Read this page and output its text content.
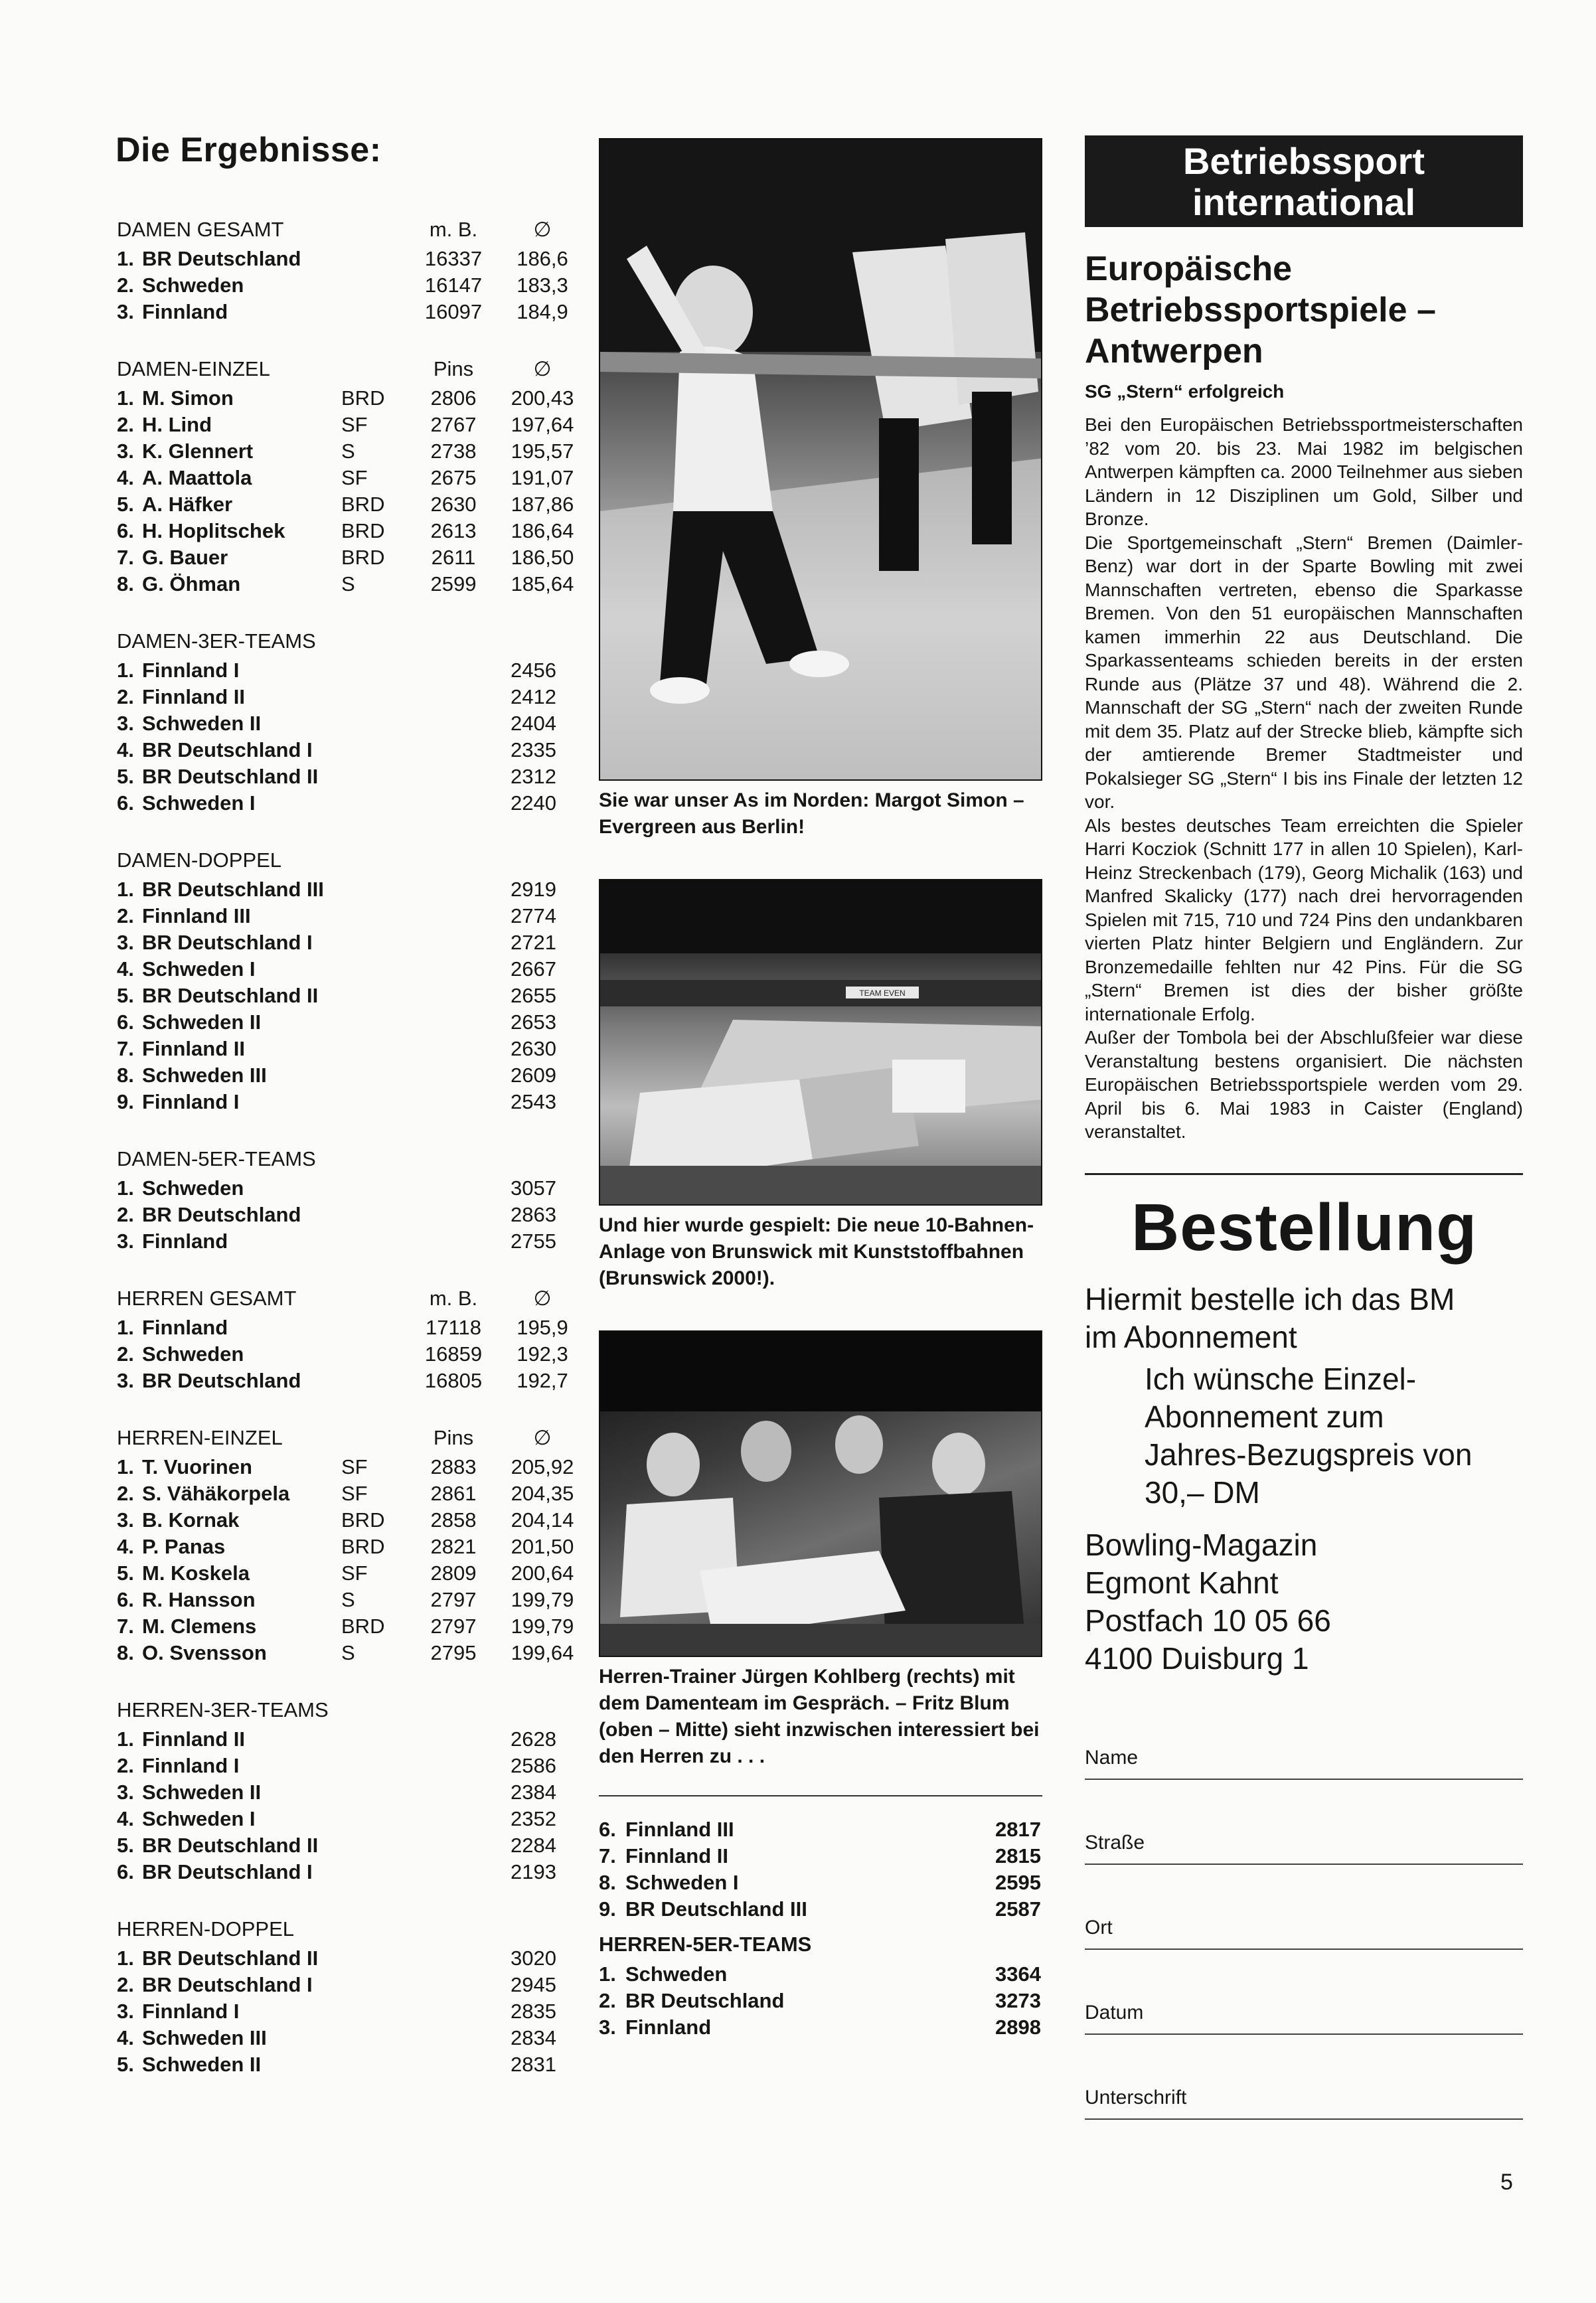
Die Ergebnisse:
DAMEN GESAMT	m. B.	∅
1. BR Deutschland	16337	186,6
2. Schweden	16147	183,3
3. Finnland	16097	184,9
DAMEN-EINZEL	Pins	∅
1. M. Simon	BRD	2806	200,43
2. H. Lind	SF	2767	197,64
3. K. Glennert	S	2738	195,57
4. A. Maattola	SF	2675	191,07
5. A. Häfker	BRD	2630	187,86
6. H. Hoplitschek	BRD	2613	186,64
7. G. Bauer	BRD	2611	186,50
8. G. Öhman	S	2599	185,64
DAMEN-3ER-TEAMS
1. Finnland I	2456
2. Finnland II	2412
3. Schweden II	2404
4. BR Deutschland I	2335
5. BR Deutschland II	2312
6. Schweden I	2240
DAMEN-DOPPEL
1. BR Deutschland III	2919
2. Finnland III	2774
3. BR Deutschland I	2721
4. Schweden I	2667
5. BR Deutschland II	2655
6. Schweden II	2653
7. Finnland II	2630
8. Schweden III	2609
9. Finnland I	2543
DAMEN-5ER-TEAMS
1. Schweden	3057
2. BR Deutschland	2863
3. Finnland	2755
HERREN GESAMT	m. B.	∅
1. Finnland	17118	195,9
2. Schweden	16859	192,3
3. BR Deutschland	16805	192,7
HERREN-EINZEL	Pins	∅
1. T. Vuorinen	SF	2883	205,92
2. S. Vähäkorpela	SF	2861	204,35
3. B. Kornak	BRD	2858	204,14
4. P. Panas	BRD	2821	201,50
5. M. Koskela	SF	2809	200,64
6. R. Hansson	S	2797	199,79
7. M. Clemens	BRD	2797	199,79
8. O. Svensson	S	2795	199,64
HERREN-3ER-TEAMS
1. Finnland II	2628
2. Finnland I	2586
3. Schweden II	2384
4. Schweden I	2352
5. BR Deutschland II	2284
6. BR Deutschland I	2193
HERREN-DOPPEL
1. BR Deutschland II	3020
2. BR Deutschland I	2945
3. Finnland I	2835
4. Schweden III	2834
5. Schweden II	2831

Sie war unser As im Norden: Margot Simon – Evergreen aus Berlin!

TEAM EVEN

Und hier wurde gespielt: Die neue 10-Bahnen-Anlage von Brunswick mit Kunststoffbahnen (Brunswick 2000!).

Herren-Trainer Jürgen Kohlberg (rechts) mit dem Damenteam im Gespräch. – Fritz Blum (oben – Mitte) sieht inzwischen interessiert bei den Herren zu . . .

6. Finnland III	2817
7. Finnland II	2815
8. Schweden I	2595
9. BR Deutschland III	2587
HERREN-5ER-TEAMS
1. Schweden	3364
2. BR Deutschland	3273
3. Finnland	2898
Betriebssport
international
Europäische
Betriebssportspiele –
Antwerpen
SG „Stern“ erfolgreich

Bei den Europäischen Betriebssportmeisterschaften ’82 vom 20. bis 23. Mai 1982 im belgischen Antwerpen kämpften ca. 2000 Teilnehmer aus sieben Ländern in 12 Disziplinen um Gold, Silber und Bronze.

Die Sportgemeinschaft „Stern“ Bremen (Daimler-Benz) war dort in der Sparte Bowling mit zwei Mannschaften vertreten, ebenso die Sparkasse Bremen. Von den 51 europäischen Mannschaften kamen immerhin 22 aus Deutschland. Die Sparkassenteams schieden bereits in der ersten Runde aus (Plätze 37 und 48). Während die 2. Mannschaft der SG „Stern“ nach der zweiten Runde mit dem 35. Platz auf der Strecke blieb, kämpfte sich der amtierende Bremer Stadtmeister und Pokalsieger SG „Stern“ I bis ins Finale der letzten 12 vor.

Als bestes deutsches Team erreichten die Spieler Harri Kocziok (Schnitt 177 in allen 10 Spielen), Karl-Heinz Streckenbach (179), Georg Michalik (163) und Manfred Skalicky (177) nach drei hervorragenden Spielen mit 715, 710 und 724 Pins den undankbaren vierten Platz hinter Belgiern und Engländern. Zur Bronzemedaille fehlten nur 42 Pins. Für die SG „Stern“ Bremen ist dies der bisher größte internationale Erfolg.

Außer der Tombola bei der Abschlußfeier war diese Veranstaltung bestens organisiert. Die nächsten Europäischen Betriebssportspiele werden vom 29. April bis 6. Mai 1983 in Caister (England) veranstaltet.

Bestellung
Hiermit bestelle ich das BM
im Abonnement
Ich wünsche Einzel-
Abonnement zum
Jahres-Bezugspreis von
30,– DM
Bowling-Magazin
Egmont Kahnt
Postfach 10 05 66
4100 Duisburg 1
Name
Straße
Ort
Datum
Unterschrift
5
